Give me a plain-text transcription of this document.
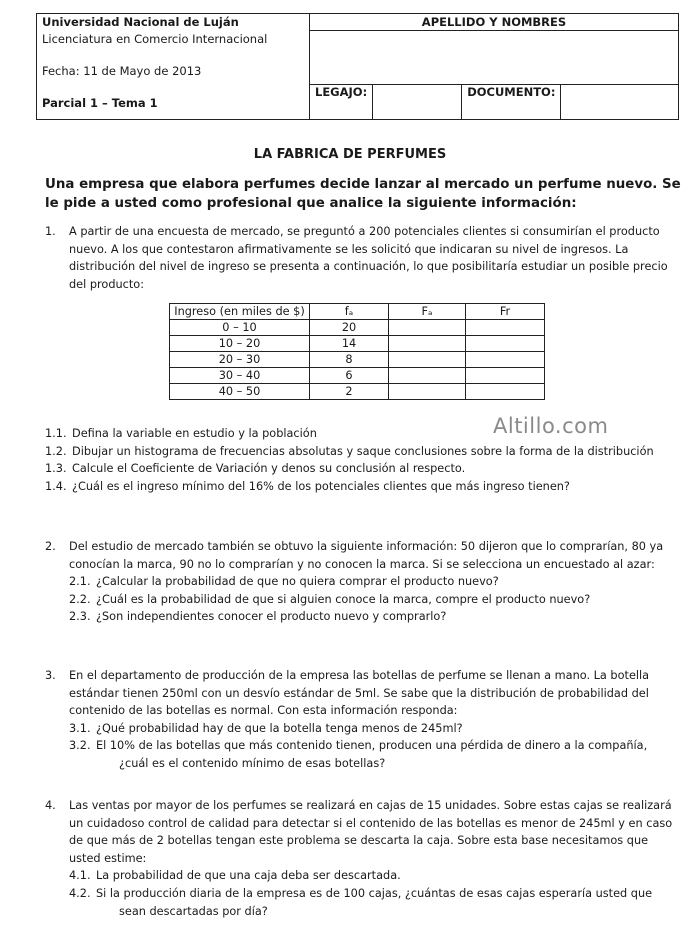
Universidad Nacional de Luján
Licenciatura en Comercio Internacional
Fecha: 11 de Mayo de 2013
Parcial 1 – Tema 1	APELLIDO Y NOMBRES			

	LEGAJO:		DOCUMENTO:	
LA FABRICA DE PERFUMES
Una empresa que elabora perfumes decide lanzar al mercado un perfume nuevo. Se le pide a usted como profesional que analice la siguiente información:
1. A partir de una encuesta de mercado, se preguntó a 200 potenciales clientes si consumirían el producto nuevo. A los que contestaron afirmativamente se les solicitó que indicaran su nivel de ingresos. La distribución del nivel de ingreso se presenta a continuación, lo que posibilitaría estudiar un posible precio del producto:
Ingreso (en miles de $)	fₐ	Fₐ	Fr
0 – 10	20		
10 – 20	14		
20 – 30	8		
30 – 40	6		
40 – 50	2		
Altillo.com
1.1. Defina la variable en estudio y la población
1.2. Dibujar un histograma de frecuencias absolutas y saque conclusiones sobre la forma de la distribución
1.3. Calcule el Coeficiente de Variación y denos su conclusión al respecto.
1.4. ¿Cuál es el ingreso mínimo del 16% de los potenciales clientes que más ingreso tienen?
2. Del estudio de mercado también se obtuvo la siguiente información: 50 dijeron que lo comprarían, 80 ya conocían la marca, 90 no lo comprarían y no conocen la marca. Si se selecciona un encuestado al azar:
2.1. ¿Calcular la probabilidad de que no quiera comprar el producto nuevo?
2.2. ¿Cuál es la probabilidad de que si alguien conoce la marca, compre el producto nuevo?
2.3. ¿Son independientes conocer el producto nuevo y comprarlo?
3. En el departamento de producción de la empresa las botellas de perfume se llenan a mano. La botella estándar tienen 250ml con un desvío estándar de 5ml. Se sabe que la distribución de probabilidad del contenido de las botellas es normal. Con esta información responda:
3.1. ¿Qué probabilidad hay de que la botella tenga menos de 245ml?
3.2. El 10% de las botellas que más contenido tienen, producen una pérdida de dinero a la compañía, ¿cuál es el contenido mínimo de esas botellas?
4. Las ventas por mayor de los perfumes se realizará en cajas de 15 unidades. Sobre estas cajas se realizará un cuidadoso control de calidad para detectar si el contenido de las botellas es menor de 245ml y en caso de que más de 2 botellas tengan este problema se descarta la caja. Sobre esta base necesitamos que usted estime:
4.1. La probabilidad de que una caja deba ser descartada.
4.2. Si la producción diaria de la empresa es de 100 cajas, ¿cuántas de esas cajas esperaría usted que sean descartadas por día?
